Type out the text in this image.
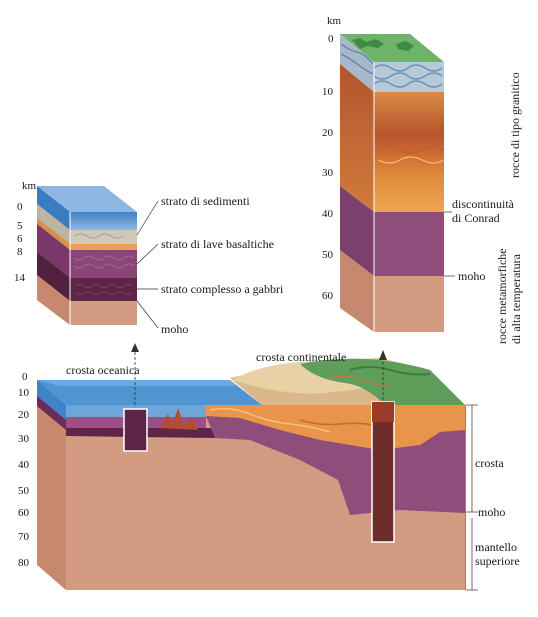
km
0
5
6
8
14
strato di sedimenti
strato di lave basaltiche
strato complesso a gabbri
moho
km
0
10
20
30
40
50
60
rocce di tipo granitico
discontinuità
di Conrad
moho rocce metamorfiche di alta temperatura
0
10
20
30
40
50
60
70
80
crosta oceanica
crosta continentale
crosta
moho
mantello
superiore
